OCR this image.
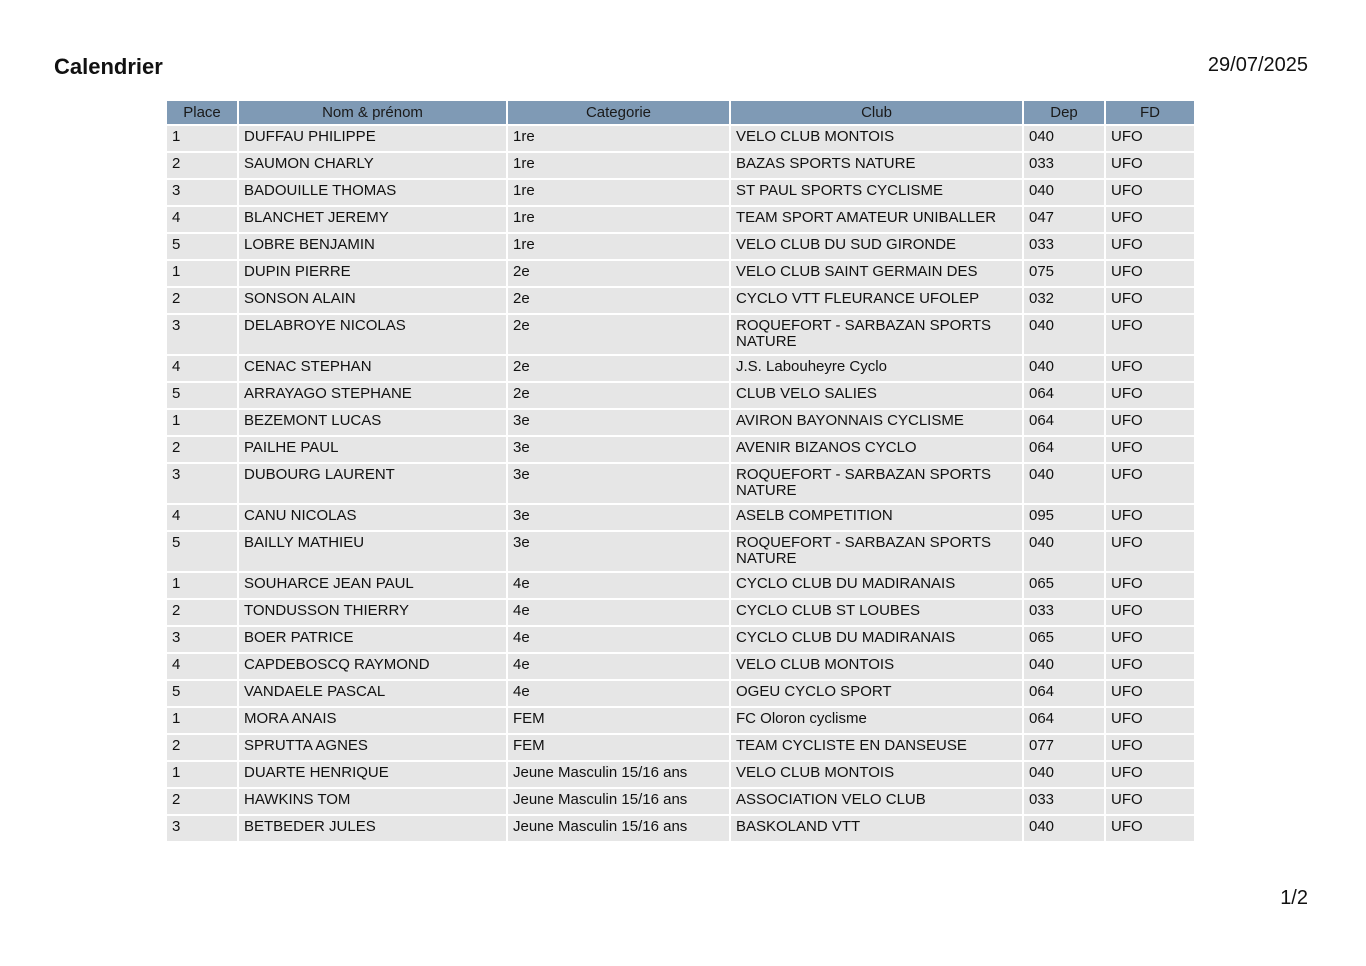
Calendrier	29/07/2025
Place	Nom & prénom	Categorie	Club	Dep	FD
1	DUFFAU PHILIPPE	1re	VELO CLUB MONTOIS	040	UFO
2	SAUMON CHARLY	1re	BAZAS SPORTS NATURE	033	UFO
3	BADOUILLE THOMAS	1re	ST PAUL SPORTS CYCLISME	040	UFO
4	BLANCHET JEREMY	1re	TEAM SPORT AMATEUR UNIBALLER	047	UFO
5	LOBRE BENJAMIN	1re	VELO CLUB DU SUD GIRONDE	033	UFO
1	DUPIN PIERRE	2e	VELO CLUB SAINT GERMAIN DES	075	UFO
2	SONSON ALAIN	2e	CYCLO VTT FLEURANCE UFOLEP	032	UFO
3	DELABROYE NICOLAS	2e	ROQUEFORT - SARBAZAN SPORTS NATURE	040	UFO
4	CENAC STEPHAN	2e	J.S. Labouheyre Cyclo	040	UFO
5	ARRAYAGO STEPHANE	2e	CLUB VELO SALIES	064	UFO
1	BEZEMONT LUCAS	3e	AVIRON BAYONNAIS CYCLISME	064	UFO
2	PAILHE PAUL	3e	AVENIR BIZANOS CYCLO	064	UFO
3	DUBOURG LAURENT	3e	ROQUEFORT - SARBAZAN SPORTS NATURE	040	UFO
4	CANU NICOLAS	3e	ASELB COMPETITION	095	UFO
5	BAILLY MATHIEU	3e	ROQUEFORT - SARBAZAN SPORTS NATURE	040	UFO
1	SOUHARCE JEAN PAUL	4e	CYCLO CLUB DU MADIRANAIS	065	UFO
2	TONDUSSON THIERRY	4e	CYCLO CLUB ST LOUBES	033	UFO
3	BOER PATRICE	4e	CYCLO CLUB DU MADIRANAIS	065	UFO
4	CAPDEBOSCQ RAYMOND	4e	VELO CLUB MONTOIS	040	UFO
5	VANDAELE PASCAL	4e	OGEU CYCLO SPORT	064	UFO
1	MORA ANAIS	FEM	FC Oloron cyclisme	064	UFO
2	SPRUTTA AGNES	FEM	TEAM CYCLISTE EN DANSEUSE	077	UFO
1	DUARTE HENRIQUE	Jeune Masculin 15/16 ans	VELO CLUB MONTOIS	040	UFO
2	HAWKINS TOM	Jeune Masculin 15/16 ans	ASSOCIATION VELO CLUB	033	UFO
3	BETBEDER JULES	Jeune Masculin 15/16 ans	BASKOLAND VTT	040	UFO
1/2
